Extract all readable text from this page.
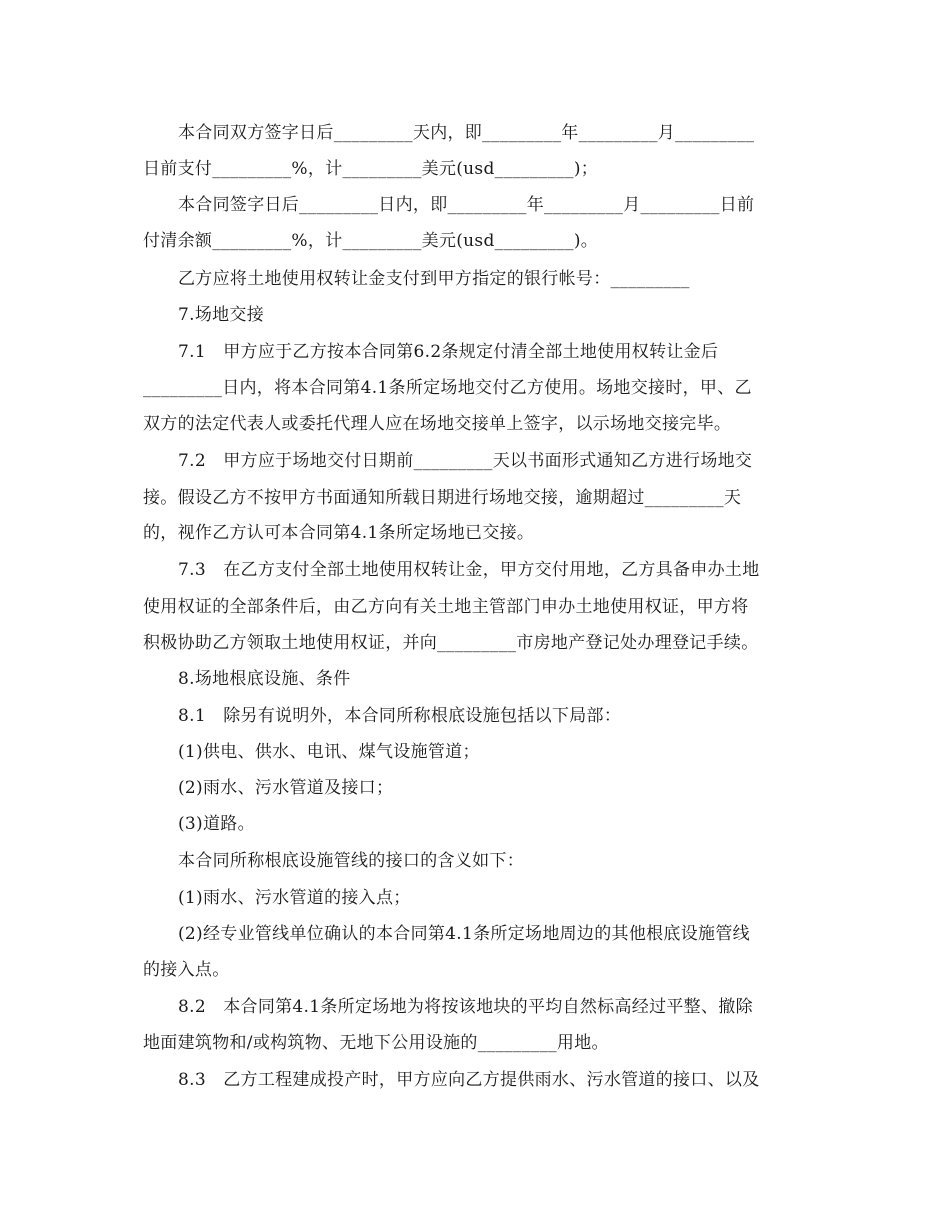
本合同双方签字日后_________天内，即_________年_________月_________
日前支付_________%，计_________美元(usd_________)；
本合同签字日后_________日内，即_________年_________月_________日前
付清余额_________%，计_________美元(usd_________)。
乙方应将土地使用权转让金支付到甲方指定的银行帐号：_________
7.场地交接
7.1　甲方应于乙方按本合同第6.2条规定付清全部土地使用权转让金后
_________日内，将本合同第4.1条所定场地交付乙方使用。场地交接时，甲、乙
双方的法定代表人或委托代理人应在场地交接单上签字，以示场地交接完毕。
7.2　甲方应于场地交付日期前_________天以书面形式通知乙方进行场地交
接。假设乙方不按甲方书面通知所载日期进行场地交接，逾期超过_________天
的，视作乙方认可本合同第4.1条所定场地已交接。
7.3　在乙方支付全部土地使用权转让金，甲方交付用地，乙方具备申办土地
使用权证的全部条件后，由乙方向有关土地主管部门申办土地使用权证，甲方将
积极协助乙方领取土地使用权证，并向_________市房地产登记处办理登记手续。
8.场地根底设施、条件
8.1　除另有说明外，本合同所称根底设施包括以下局部：
(1)供电、供水、电讯、煤气设施管道；
(2)雨水、污水管道及接口；
(3)道路。
本合同所称根底设施管线的接口的含义如下：
(1)雨水、污水管道的接入点；
(2)经专业管线单位确认的本合同第4.1条所定场地周边的其他根底设施管线
的接入点。
8.2　本合同第4.1条所定场地为将按该地块的平均自然标高经过平整、撤除
地面建筑物和/或构筑物、无地下公用设施的_________用地。
8.3　乙方工程建成投产时，甲方应向乙方提供雨水、污水管道的接口、以及
